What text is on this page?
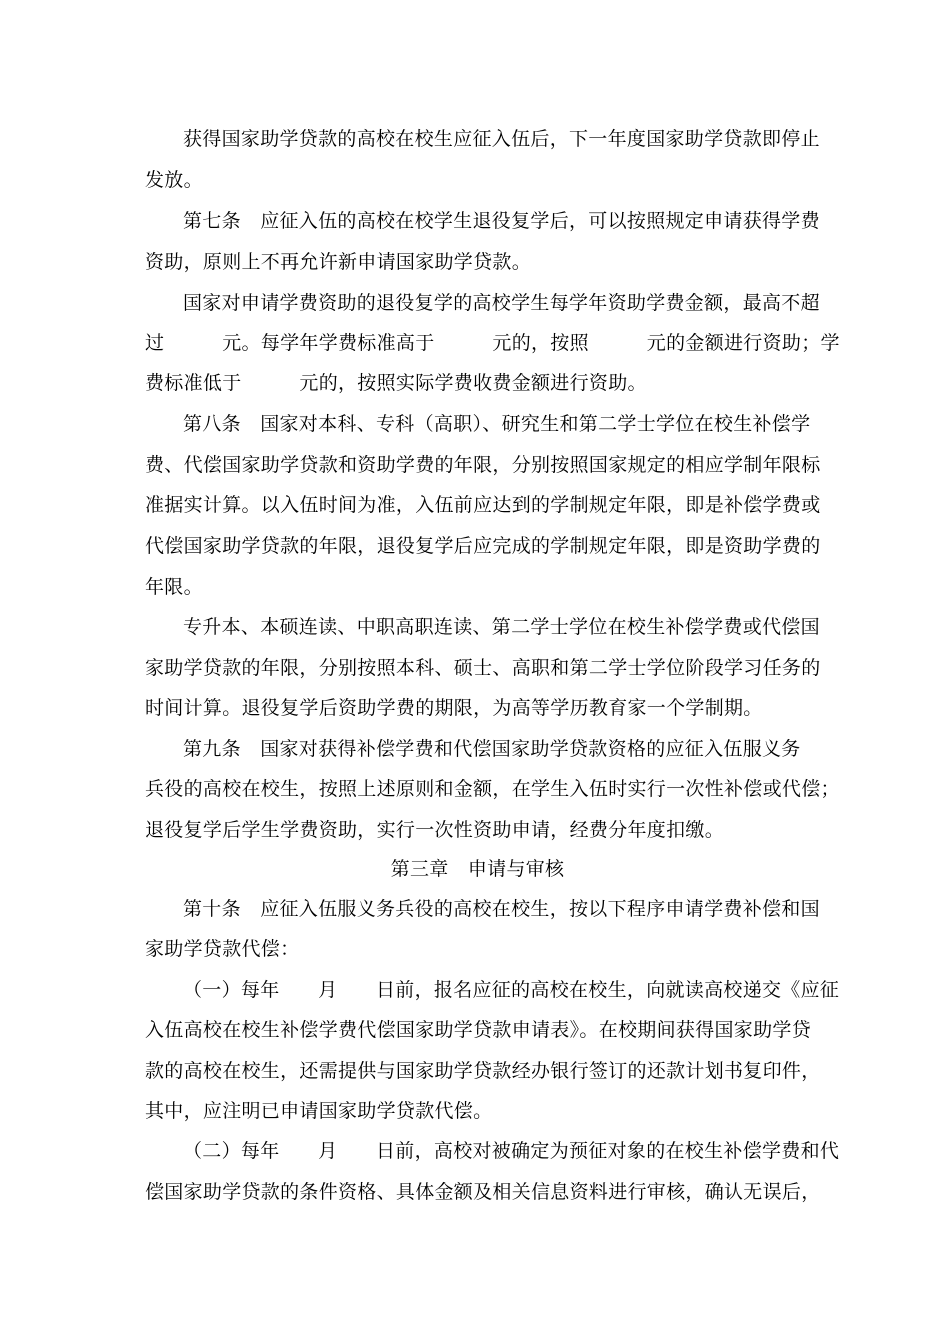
获得国家助学贷款的高校在校生应征入伍后，下一年度国家助学贷款即停止
发放。
第七条　应征入伍的高校在校学生退役复学后，可以按照规定申请获得学费
资助，原则上不再允许新申请国家助学贷款。
国家对申请学费资助的退役复学的高校学生每学年资助学费金额，最高不超
过　　　元。每学年学费标准高于　　　元的，按照　　　元的金额进行资助；学
费标准低于　　　元的，按照实际学费收费金额进行资助。
第八条　国家对本科、专科（高职）、研究生和第二学士学位在校生补偿学
费、代偿国家助学贷款和资助学费的年限，分别按照国家规定的相应学制年限标
准据实计算。以入伍时间为准，入伍前应达到的学制规定年限，即是补偿学费或
代偿国家助学贷款的年限，退役复学后应完成的学制规定年限，即是资助学费的
年限。
专升本、本硕连读、中职高职连读、第二学士学位在校生补偿学费或代偿国
家助学贷款的年限，分别按照本科、硕士、高职和第二学士学位阶段学习任务的
时间计算。退役复学后资助学费的期限，为高等学历教育家一个学制期。
第九条　国家对获得补偿学费和代偿国家助学贷款资格的应征入伍服义务
兵役的高校在校生，按照上述原则和金额，在学生入伍时实行一次性补偿或代偿；
退役复学后学生学费资助，实行一次性资助申请，经费分年度扣缴。
第三章　申请与审核
第十条　应征入伍服义务兵役的高校在校生，按以下程序申请学费补偿和国
家助学贷款代偿：
（一）每年　　月　　日前，报名应征的高校在校生，向就读高校递交《应征
入伍高校在校生补偿学费代偿国家助学贷款申请表》。在校期间获得国家助学贷
款的高校在校生，还需提供与国家助学贷款经办银行签订的还款计划书复印件，
其中，应注明已申请国家助学贷款代偿。
（二）每年　　月　　日前，高校对被确定为预征对象的在校生补偿学费和代
偿国家助学贷款的条件资格、具体金额及相关信息资料进行审核，确认无误后，
